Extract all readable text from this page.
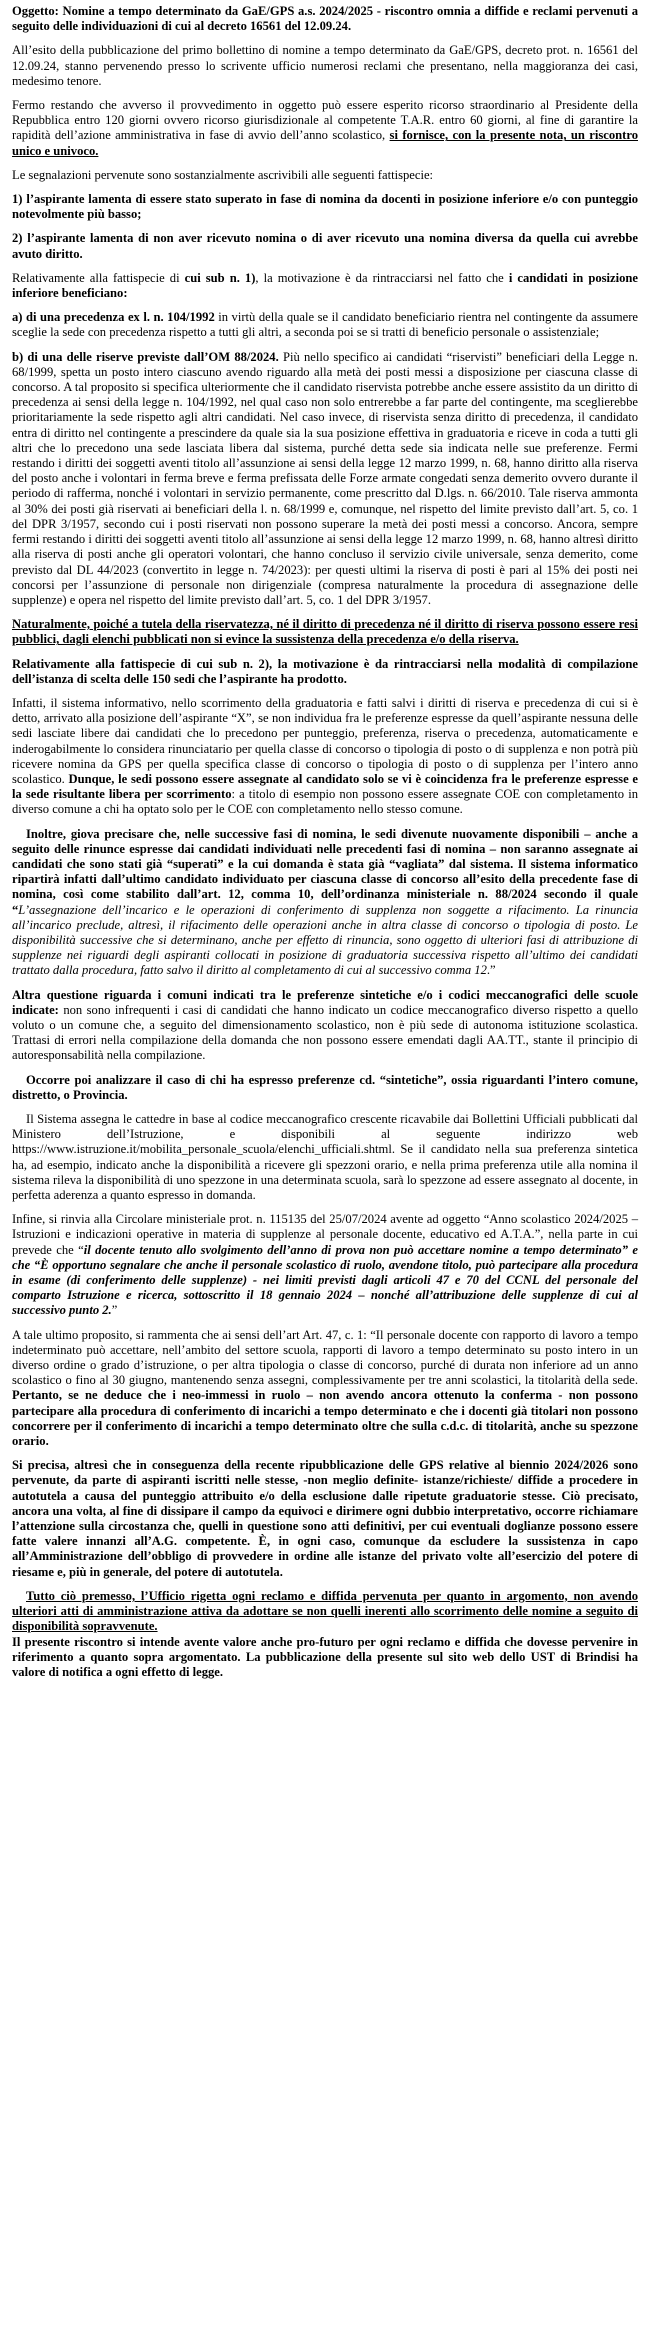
Oggetto: Nomine a tempo determinato da GaE/GPS a.s. 2024/2025 - riscontro omnia a diffide e reclami pervenuti a seguito delle individuazioni di cui al decreto 16561 del 12.09.24.

All’esito della pubblicazione del primo bollettino di nomine a tempo determinato da GaE/GPS, decreto prot. n. 16561 del 12.09.24, stanno pervenendo presso lo scrivente ufficio numerosi reclami che presentano, nella maggioranza dei casi, medesimo tenore.

Fermo restando che avverso il provvedimento in oggetto può essere esperito ricorso straordinario al Presidente della Repubblica entro 120 giorni ovvero ricorso giurisdizionale al competente T.A.R. entro 60 giorni, al fine di garantire la rapidità dell’azione amministrativa in fase di avvio dell’anno scolastico, si fornisce, con la presente nota, un riscontro unico e univoco.

Le segnalazioni pervenute sono sostanzialmente ascrivibili alle seguenti fattispecie:

1) l’aspirante lamenta di essere stato superato in fase di nomina da docenti in posizione inferiore e/o con punteggio notevolmente più basso;

2) l’aspirante lamenta di non aver ricevuto nomina o di aver ricevuto una nomina diversa da quella cui avrebbe avuto diritto.

Relativamente alla fattispecie di cui sub n. 1), la motivazione è da rintracciarsi nel fatto che i candidati in posizione inferiore beneficiano:

a) di una precedenza ex l. n. 104/1992 in virtù della quale se il candidato beneficiario rientra nel contingente da assumere sceglie la sede con precedenza rispetto a tutti gli altri, a seconda poi se si tratti di beneficio personale o assistenziale;

b) di una delle riserve previste dall’OM 88/2024. Più nello specifico ai candidati “riservisti” beneficiari della Legge n. 68/1999, spetta un posto intero ciascuno avendo riguardo alla metà dei posti messi a disposizione per ciascuna classe di concorso. A tal proposito si specifica ulteriormente che il candidato riservista potrebbe anche essere assistito da un diritto di precedenza ai sensi della legge n. 104/1992, nel qual caso non solo entrerebbe a far parte del contingente, ma sceglierebbe prioritariamente la sede rispetto agli altri candidati. Nel caso invece, di riservista senza diritto di precedenza, il candidato entra di diritto nel contingente a prescindere da quale sia la sua posizione effettiva in graduatoria e riceve in coda a tutti gli altri che lo precedono una sede lasciata libera dal sistema, purché detta sede sia indicata nelle sue preferenze. Fermi restando i diritti dei soggetti aventi titolo all’assunzione ai sensi della legge 12 marzo 1999, n. 68, hanno diritto alla riserva del posto anche i volontari in ferma breve e ferma prefissata delle Forze armate congedati senza demerito ovvero durante il periodo di rafferma, nonché i volontari in servizio permanente, come prescritto dal D.lgs. n. 66/2010. Tale riserva ammonta al 30% dei posti già riservati ai beneficiari della l. n. 68/1999 e, comunque, nel rispetto del limite previsto dall’art. 5, co. 1 del DPR 3/1957, secondo cui i posti riservati non possono superare la metà dei posti messi a concorso. Ancora, sempre fermi restando i diritti dei soggetti aventi titolo all’assunzione ai sensi della legge 12 marzo 1999, n. 68, hanno altresì diritto alla riserva di posti anche gli operatori volontari, che hanno concluso il servizio civile universale, senza demerito, come previsto dal DL 44/2023 (convertito in legge n. 74/2023): per questi ultimi la riserva di posti è pari al 15% dei posti nei concorsi per l’assunzione di personale non dirigenziale (compresa naturalmente la procedura di assegnazione delle supplenze) e opera nel rispetto del limite previsto dall’art. 5, co. 1 del DPR 3/1957.

Naturalmente, poiché a tutela della riservatezza, né il diritto di precedenza né il diritto di riserva possono essere resi pubblici, dagli elenchi pubblicati non si evince la sussistenza della precedenza e/o della riserva.

Relativamente alla fattispecie di cui sub n. 2), la motivazione è da rintracciarsi nella modalità di compilazione dell’istanza di scelta delle 150 sedi che l’aspirante ha prodotto.

Infatti, il sistema informativo, nello scorrimento della graduatoria e fatti salvi i diritti di riserva e precedenza di cui si è detto, arrivato alla posizione dell’aspirante “X”, se non individua fra le preferenze espresse da quell’aspirante nessuna delle sedi lasciate libere dai candidati che lo precedono per punteggio, preferenza, riserva o precedenza, automaticamente e inderogabilmente lo considera rinunciatario per quella classe di concorso o tipologia di posto o di supplenza e non potrà più ricevere nomina da GPS per quella specifica classe di concorso o tipologia di posto o di supplenza per l’intero anno scolastico. Dunque, le sedi possono essere assegnate al candidato solo se vi è coincidenza fra le preferenze espresse e la sede risultante libera per scorrimento: a titolo di esempio non possono essere assegnate COE con completamento in diverso comune a chi ha optato solo per le COE con completamento nello stesso comune.

Inoltre, giova precisare che, nelle successive fasi di nomina, le sedi divenute nuovamente disponibili – anche a seguito delle rinunce espresse dai candidati individuati nelle precedenti fasi di nomina – non saranno assegnate ai candidati che sono stati già “superati” e la cui domanda è stata già “vagliata” dal sistema. Il sistema informatico ripartirà infatti dall’ultimo candidato individuato per ciascuna classe di concorso all’esito della precedente fase di nomina, così come stabilito dall’art. 12, comma 10, dell’ordinanza ministeriale n. 88/2024 secondo il quale “L’assegnazione dell’incarico e le operazioni di conferimento di supplenza non soggette a rifacimento. La rinuncia all’incarico preclude, altresì, il rifacimento delle operazioni anche in altra classe di concorso o tipologia di posto. Le disponibilità successive che si determinano, anche per effetto di rinuncia, sono oggetto di ulteriori fasi di attribuzione di supplenze nei riguardi degli aspiranti collocati in posizione di graduatoria successiva rispetto all’ultimo dei candidati trattato dalla procedura, fatto salvo il diritto al completamento di cui al successivo comma 12.”

Altra questione riguarda i comuni indicati tra le preferenze sintetiche e/o i codici meccanografici delle scuole indicate: non sono infrequenti i casi di candidati che hanno indicato un codice meccanografico diverso rispetto a quello voluto o un comune che, a seguito del dimensionamento scolastico, non è più sede di autonoma istituzione scolastica. Trattasi di errori nella compilazione della domanda che non possono essere emendati dagli AA.TT., stante il principio di autoresponsabilità nella compilazione.

Occorre poi analizzare il caso di chi ha espresso preferenze cd. “sintetiche”, ossia riguardanti l’intero comune, distretto, o Provincia.

Il Sistema assegna le cattedre in base al codice meccanografico crescente ricavabile dai Bollettini Ufficiali pubblicati dal Ministero dell’Istruzione, e disponibili al seguente indirizzo web https://www.istruzione.it/mobilita_personale_scuola/elenchi_ufficiali.shtml. Se il candidato nella sua preferenza sintetica ha, ad esempio, indicato anche la disponibilità a ricevere gli spezzoni orario, e nella prima preferenza utile alla nomina il sistema rileva la disponibilità di uno spezzone in una determinata scuola, sarà lo spezzone ad essere assegnato al docente, in perfetta aderenza a quanto espresso in domanda.

Infine, si rinvia alla Circolare ministeriale prot. n. 115135 del 25/07/2024 avente ad oggetto “Anno scolastico 2024/2025 – Istruzioni e indicazioni operative in materia di supplenze al personale docente, educativo ed A.T.A.”, nella parte in cui prevede che “il docente tenuto allo svolgimento dell’anno di prova non può accettare nomine a tempo determinato” e che “È opportuno segnalare che anche il personale scolastico di ruolo, avendone titolo, può partecipare alla procedura in esame (di conferimento delle supplenze) - nei limiti previsti dagli articoli 47 e 70 del CCNL del personale del comparto Istruzione e ricerca, sottoscritto il 18 gennaio 2024 – nonché all’attribuzione delle supplenze di cui al successivo punto 2.”

A tale ultimo proposito, si rammenta che ai sensi dell’art Art. 47, c. 1: “Il personale docente con rapporto di lavoro a tempo indeterminato può accettare, nell’ambito del settore scuola, rapporti di lavoro a tempo determinato su posto intero in un diverso ordine o grado d’istruzione, o per altra tipologia o classe di concorso, purché di durata non inferiore ad un anno scolastico o fino al 30 giugno, mantenendo senza assegni, complessivamente per tre anni scolastici, la titolarità della sede. Pertanto, se ne deduce che i neo-immessi in ruolo – non avendo ancora ottenuto la conferma - non possono partecipare alla procedura di conferimento di incarichi a tempo determinato e che i docenti già titolari non possono concorrere per il conferimento di incarichi a tempo determinato oltre che sulla c.d.c. di titolarità, anche su spezzone orario.

Si precisa, altresì che in conseguenza della recente ripubblicazione delle GPS relative al biennio 2024/2026 sono pervenute, da parte di aspiranti iscritti nelle stesse, -non meglio definite- istanze/richieste/ diffide a procedere in autotutela a causa del punteggio attribuito e/o della esclusione dalle ripetute graduatorie stesse. Ciò precisato, ancora una volta, al fine di dissipare il campo da equivoci e dirimere ogni dubbio interpretativo, occorre richiamare l’attenzione sulla circostanza che, quelli in questione sono atti definitivi, per cui eventuali doglianze possono essere fatte valere innanzi all’A.G. competente. È, in ogni caso, comunque da escludere la sussistenza in capo all’Amministrazione dell’obbligo di provvedere in ordine alle istanze del privato volte all’esercizio del potere di riesame e, più in generale, del potere di autotutela.

Tutto ciò premesso, l’Ufficio rigetta ogni reclamo e diffida pervenuta per quanto in argomento, non avendo ulteriori atti di amministrazione attiva da adottare se non quelli inerenti allo scorrimento delle nomine a seguito di disponibilità sopravvenute.

Il presente riscontro si intende avente valore anche pro-futuro per ogni reclamo e diffida che dovesse pervenire in riferimento a quanto sopra argomentato. La pubblicazione della presente sul sito web dello UST di Brindisi ha valore di notifica a ogni effetto di legge.
